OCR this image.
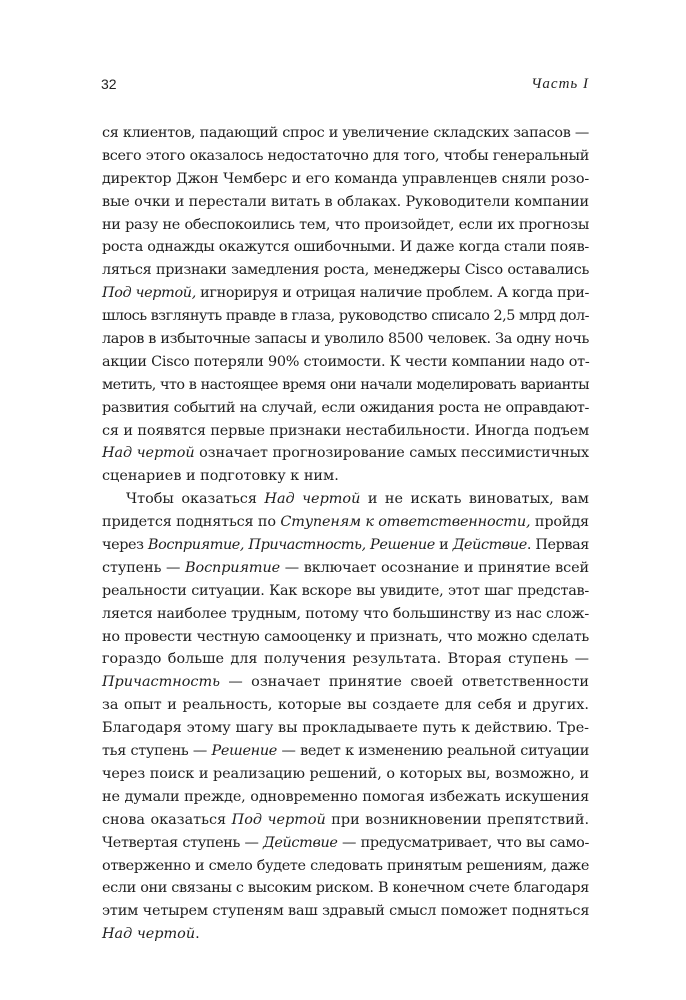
32	Часть I
ся клиентов, падающий спрос и увеличение складских запасов —
всего этого оказалось недостаточно для того, чтобы генеральный
директор Джон Чемберс и его команда управленцев сняли розо-
вые очки и перестали витать в облаках. Руководители компании
ни разу не обеспокоились тем, что произойдет, если их прогнозы
роста однажды окажутся ошибочными. И даже когда стали появ-
ляться признаки замедления роста, менеджеры Cisco оставались
Под чертой, игнорируя и отрицая наличие проблем. А когда при-
шлось взглянуть правде в глаза, руководство списало 2,5 млрд дол-
ларов в избыточные запасы и уволило 8500 человек. За одну ночь
акции Cisco потеряли 90% стоимости. К чести компании надо от-
метить, что в настоящее время они начали моделировать варианты
развития событий на случай, если ожидания роста не оправдают-
ся и появятся первые признаки нестабильности. Иногда подъем
Над чертой означает прогнозирование самых пессимистичных
сценариев и подготовку к ним.
Чтобы оказаться Над чертой и не искать виноватых, вам
придется подняться по Ступеням к ответственности, пройдя
через Восприятие, Причастность, Решение и Действие. Первая
ступень — Восприятие — включает осознание и принятие всей
реальности ситуации. Как вскоре вы увидите, этот шаг представ-
ляется наиболее трудным, потому что большинству из нас слож-
но провести честную самооценку и признать, что можно сделать
гораздо больше для получения результата. Вторая ступень —
Причастность — означает принятие своей ответственности
за опыт и реальность, которые вы создаете для себя и других.
Благодаря этому шагу вы прокладываете путь к действию. Тре-
тья ступень — Решение — ведет к изменению реальной ситуации
через поиск и реализацию решений, о которых вы, возможно, и
не думали прежде, одновременно помогая избежать искушения
снова оказаться Под чертой при возникновении препятствий.
Четвертая ступень — Действие — предусматривает, что вы само-
отверженно и смело будете следовать принятым решениям, даже
если они связаны с высоким риском. В конечном счете благодаря
этим четырем ступеням ваш здравый смысл поможет подняться
Над чертой.
